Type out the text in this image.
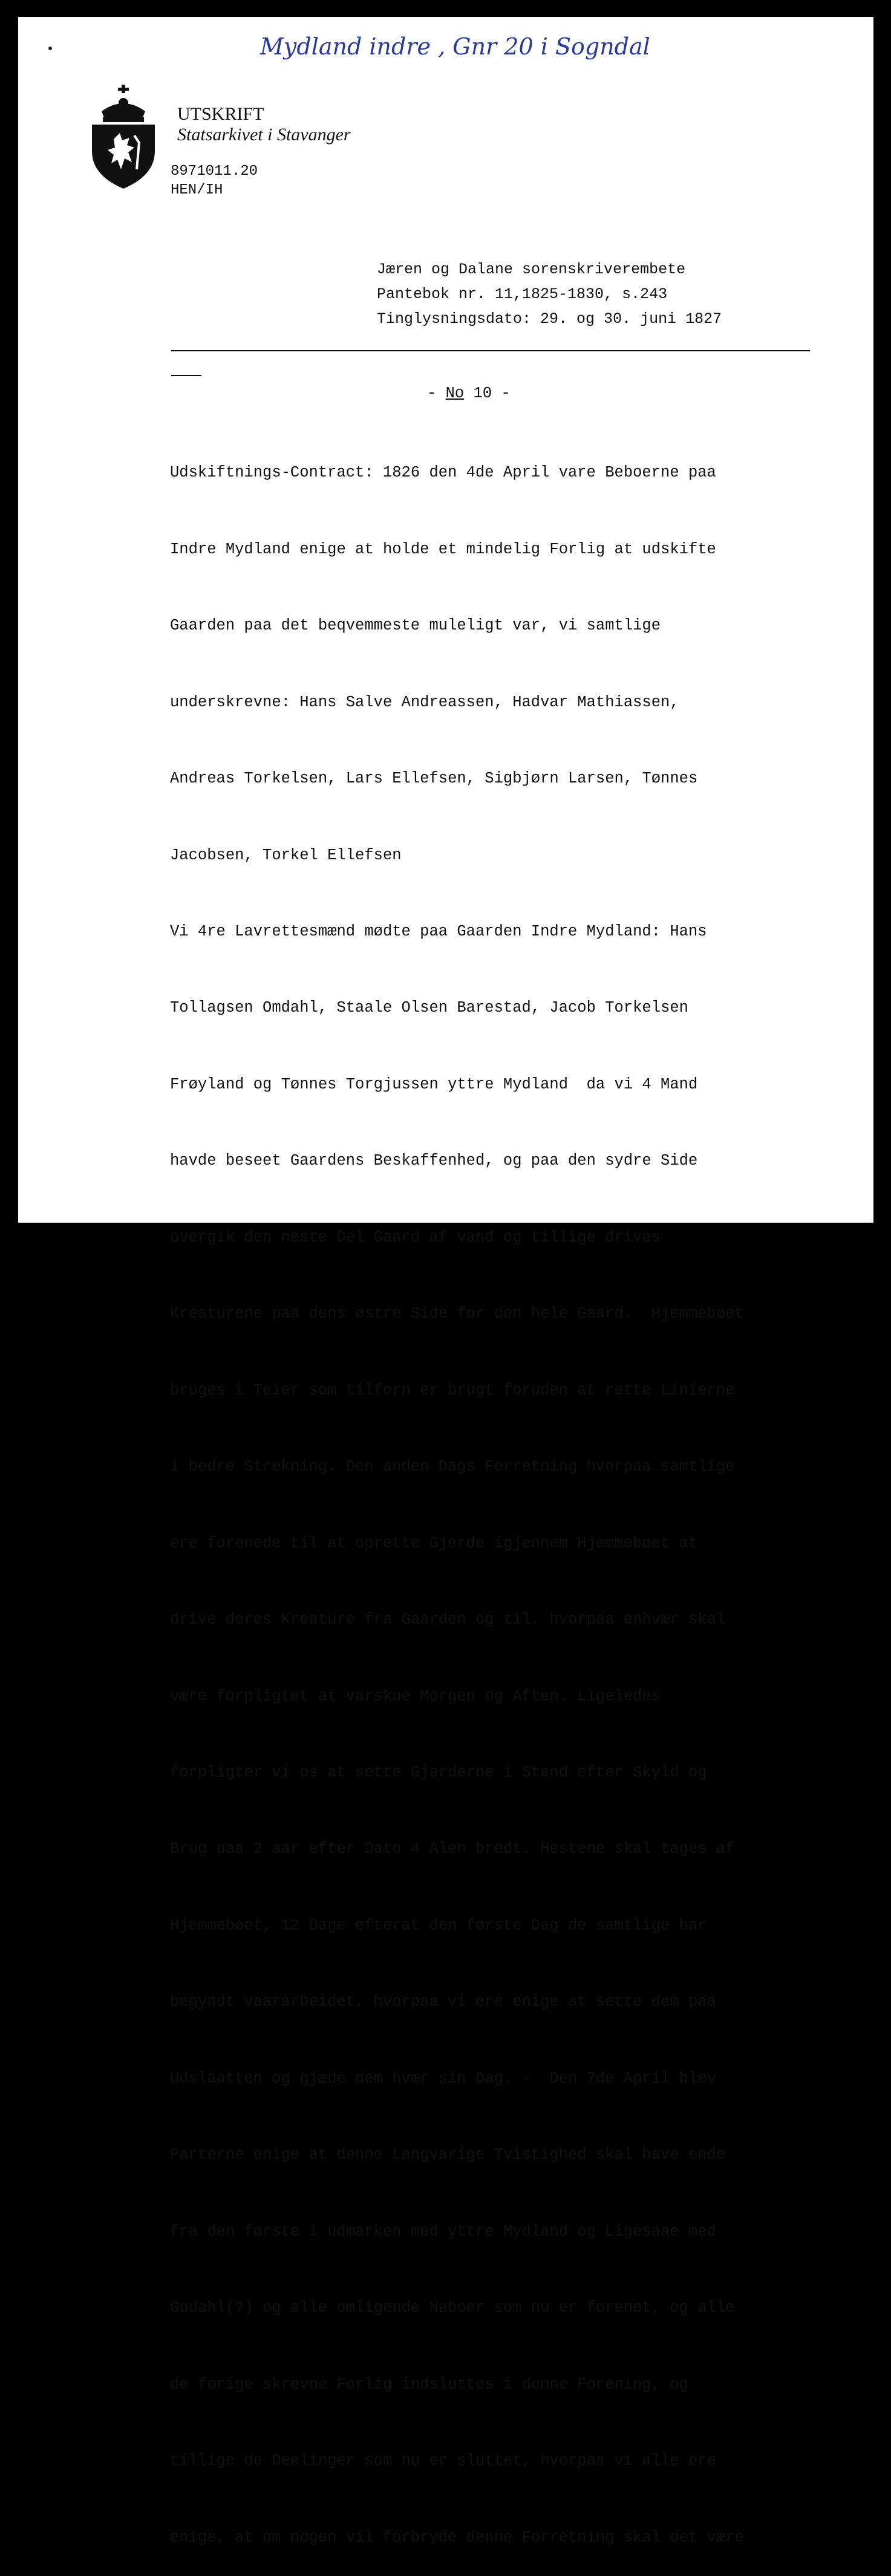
Mydland indre , Gnr 20 i Sogndal
UTSKRIFT
Statsarkivet i Stavanger
8971011.20
HEN/IH
Jæren og Dalane sorenskriverembete
Pantebok nr. 11,1825-1830, s.243
Tinglysningsdato: 29. og 30. juni 1827
- No 10 -

Udskiftnings-Contract: 1826 den 4de April vare Beboerne paa

Indre Mydland enige at holde et mindelig Forlig at udskifte

Gaarden paa det beqvemmeste muleligt var, vi samtlige

underskrevne: Hans Salve Andreassen, Hadvar Mathiassen,

Andreas Torkelsen, Lars Ellefsen, Sigbjørn Larsen, Tønnes

Jacobsen, Torkel Ellefsen

Vi 4re Lavrettesmænd mødte paa Gaarden Indre Mydland: Hans

Tollagsen Omdahl, Staale Olsen Barestad, Jacob Torkelsen

Frøyland og Tønnes Torgjussen yttre Mydland  da vi 4 Mand

havde beseet Gaardens Beskaffenhed, og paa den sydre Side

overgik den neste Del Gaard af vand og tillige drives

Kreaturene paa dens østre Side for den hele Gaard.  Hjemmebøet

bruges i Teier som tilforn er brugt foruden at rette Linierne

i bedre Strekning. Den anden Dags Forretning hvorpaa samtlige

ere forenede til at oprette Gjerde igjennem Hjemmebøet at

drive deres Kreature fra Gaarden og til. hvorpaa enhvær skal

være forpligtet at varskue Morgen og Aften. Ligeledes

forpligter vi os at sette Gjerderne i Stand efter Skyld og

Brug paa 2 aar efter Dato 4 Alen bredt. Hestene skal tages af

Hjemmebøet, 12 Dage efterat den første Dag de samtlige har

begyndt vaararbeidet, hvorpaa vi ere enige at sette dem paa

Udslaatten og gjæde dem hvær sin Dag. -  Den 7de April blev

Parterne enige at denne Langvarige Tvistighed skal have ende

fra den første i udmarken med yttre Mydland og Ligesaae med

Gudahl(?) og alle omligende Naboer som nu er forenet, og alle

de forige skrevne Forlig indsluttes i denne Forening, og

tillige de Deelinger som nu er sluttet, hvorpaa vi alle ere

enige, at om nogen vil forbryde denne Forretning skal det være
